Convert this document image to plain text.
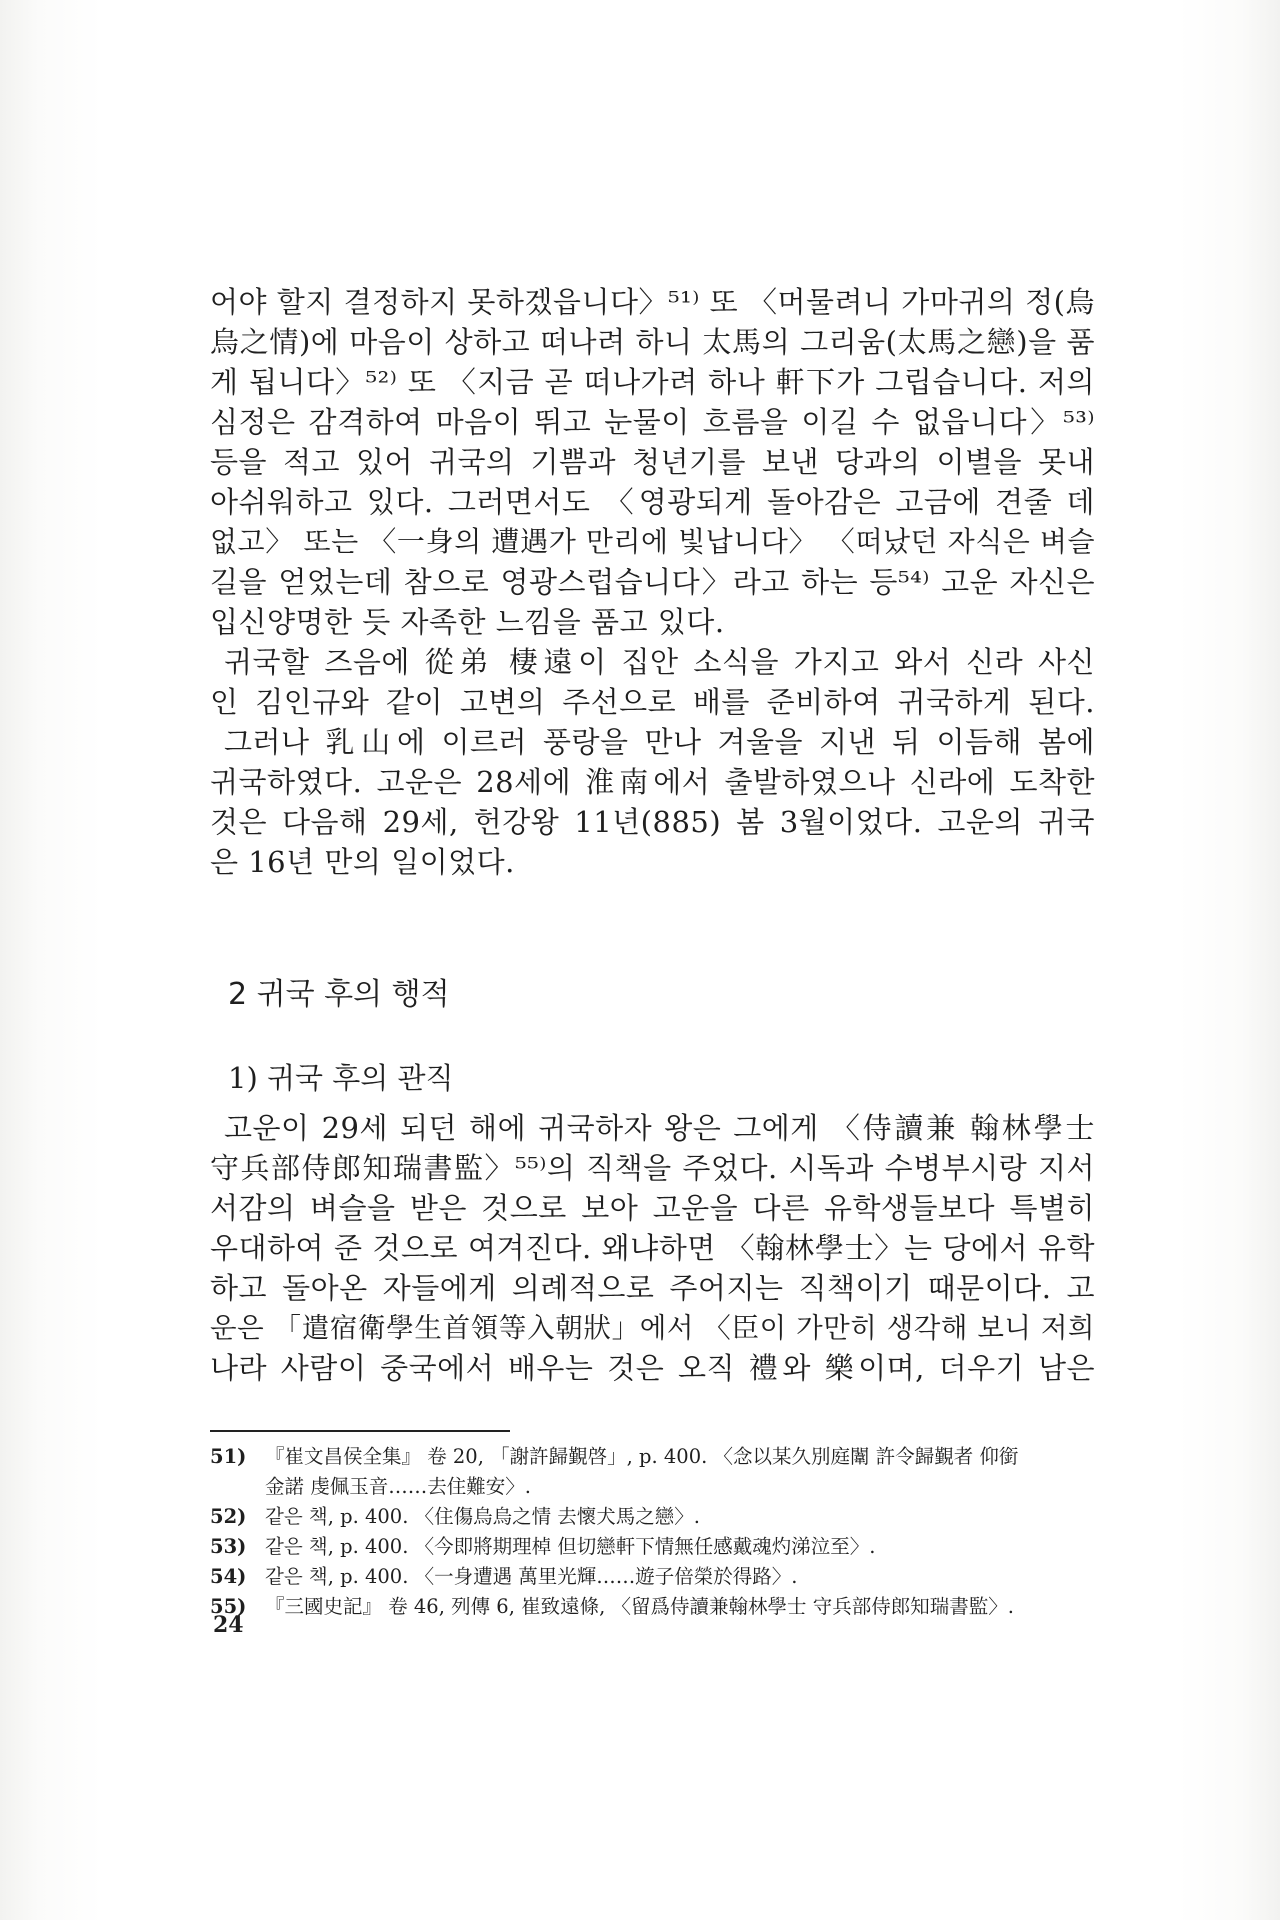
어야 할지 결정하지 못하겠읍니다〉⁵¹⁾ 또 〈머물려니 가마귀의 정(烏
烏之情)에 마음이 상하고 떠나려 하니 太馬의 그리움(太馬之戀)을 품
게 됩니다〉⁵²⁾ 또 〈지금 곧 떠나가려 하나 軒下가 그립습니다. 저의
심정은 감격하여 마음이 뛰고 눈물이 흐름을 이길 수 없읍니다〉⁵³⁾
등을 적고 있어 귀국의 기쁨과 청년기를 보낸 당과의 이별을 못내
아쉬워하고 있다. 그러면서도 〈영광되게 돌아감은 고금에 견줄 데
없고〉 또는 〈一身의 遭遇가 만리에 빛납니다〉 〈떠났던 자식은 벼슬
길을 얻었는데 참으로 영광스럽습니다〉라고 하는 등⁵⁴⁾ 고운 자신은
입신양명한 듯 자족한 느낌을 품고 있다.
귀국할 즈음에 從弟 棲遠이 집안 소식을 가지고 와서 신라 사신
인 김인규와 같이 고변의 주선으로 배를 준비하여 귀국하게 된다.
그러나 乳山에 이르러 풍랑을 만나 겨울을 지낸 뒤 이듬해 봄에
귀국하였다. 고운은 28세에 淮南에서 출발하였으나 신라에 도착한
것은 다음해 29세, 헌강왕 11년(885) 봄 3월이었다. 고운의 귀국
은 16년 만의 일이었다.
2 귀국 후의 행적
1) 귀국 후의 관직
고운이 29세 되던 해에 귀국하자 왕은 그에게 〈侍讀兼 翰林學士
守兵部侍郎知瑞書監〉⁵⁵⁾의 직책을 주었다. 시독과 수병부시랑 지서
서감의 벼슬을 받은 것으로 보아 고운을 다른 유학생들보다 특별히
우대하여 준 것으로 여겨진다. 왜냐하면 〈翰林學士〉는 당에서 유학
하고 돌아온 자들에게 의례적으로 주어지는 직책이기 때문이다. 고
운은 「遣宿衛學生首領等入朝狀」에서 〈臣이 가만히 생각해 보니 저희
나라 사람이 중국에서 배우는 것은 오직 禮와 樂이며, 더우기 남은
51) 『崔文昌侯全集』 卷 20, 「謝許歸覲啓」, p. 400. 〈念以某久別庭闈 許令歸覲者 仰銜
金諾 虔佩玉音……去住難安〉.
52) 같은 책, p. 400. 〈住傷烏烏之情 去懷犬馬之戀〉.
53) 같은 책, p. 400. 〈今即將期理棹 但切戀軒下情無任感戴魂灼涕泣至〉.
54) 같은 책, p. 400. 〈一身遭遇 萬里光輝……遊子倍榮於得路〉.
55) 『三國史記』 卷 46, 列傳 6, 崔致遠條, 〈留爲侍讀兼翰林學士 守兵部侍郎知瑞書監〉.
24
